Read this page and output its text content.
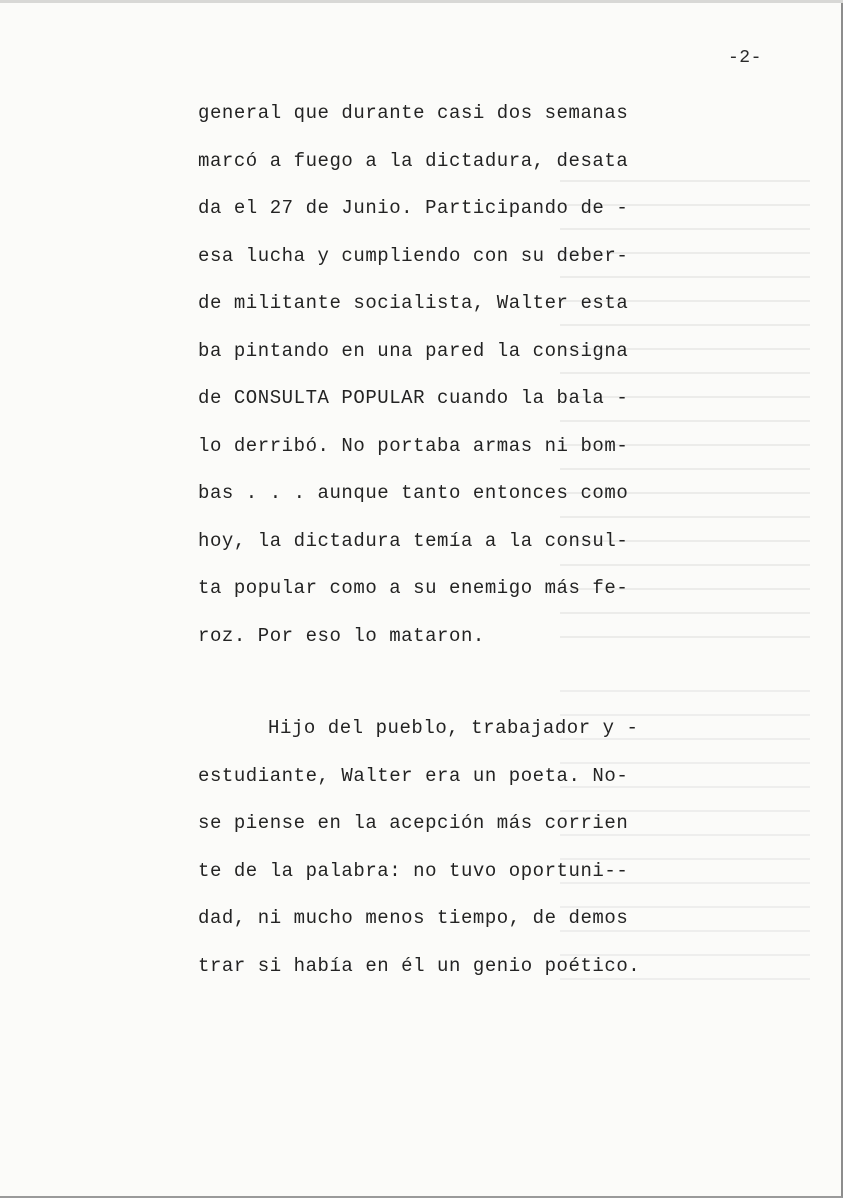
-2-
general que durante casi dos semanas
marcó a fuego a la dictadura, desata
da el 27 de Junio. Participando de -
esa lucha y cumpliendo con su deber-
de militante socialista, Walter esta
ba pintando en una pared la consigna
de CONSULTA POPULAR cuando la bala -
lo derribó. No portaba armas ni bom-
bas . . . aunque tanto entonces como
hoy, la dictadura temía a la consul-
ta popular como a su enemigo más fe-
roz. Por eso lo mataron.
Hijo del pueblo, trabajador y -
estudiante, Walter era un poeta. No-
se piense en la acepción más corrien
te de la palabra: no tuvo oportuni--
dad, ni mucho menos tiempo, de demos
trar si había en él un genio poético.
